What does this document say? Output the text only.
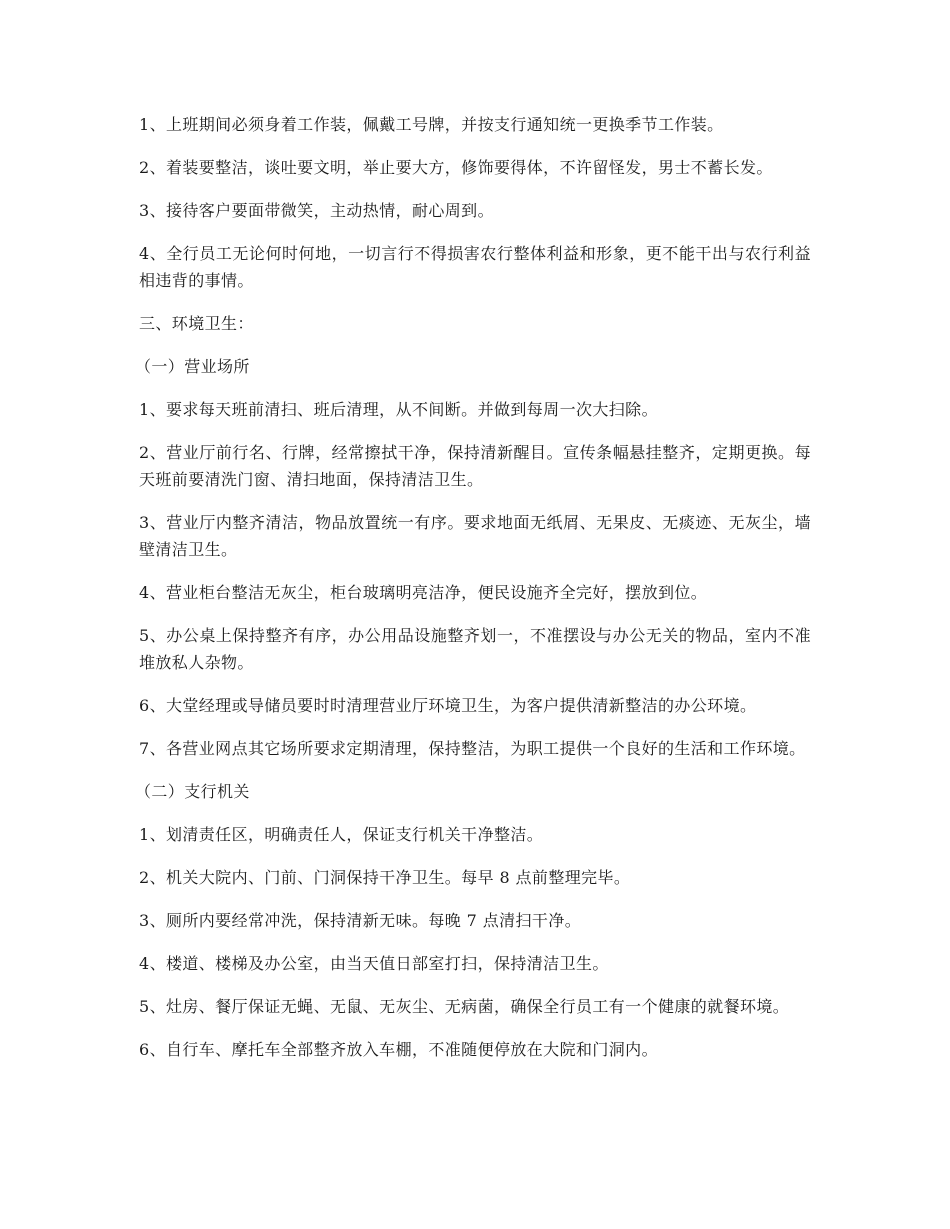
1、上班期间必须身着工作装，佩戴工号牌，并按支行通知统一更换季节工作装。

2、着装要整洁，谈吐要文明，举止要大方，修饰要得体，不许留怪发，男士不蓄长发。

3、接待客户要面带微笑，主动热情，耐心周到。

4、全行员工无论何时何地，一切言行不得损害农行整体利益和形象，更不能干出与农行利益相违背的事情。

三、环境卫生：

（一）营业场所

1、要求每天班前清扫、班后清理，从不间断。并做到每周一次大扫除。

2、营业厅前行名、行牌，经常擦拭干净，保持清新醒目。宣传条幅悬挂整齐，定期更换。每天班前要清洗门窗、清扫地面，保持清洁卫生。

3、营业厅内整齐清洁，物品放置统一有序。要求地面无纸屑、无果皮、无痰迹、无灰尘，墙壁清洁卫生。

4、营业柜台整洁无灰尘，柜台玻璃明亮洁净，便民设施齐全完好，摆放到位。

5、办公桌上保持整齐有序，办公用品设施整齐划一，不准摆设与办公无关的物品，室内不准堆放私人杂物。

6、大堂经理或导储员要时时清理营业厅环境卫生，为客户提供清新整洁的办公环境。

7、各营业网点其它场所要求定期清理，保持整洁，为职工提供一个良好的生活和工作环境。

（二）支行机关

1、划清责任区，明确责任人，保证支行机关干净整洁。

2、机关大院内、门前、门洞保持干净卫生。每早 8 点前整理完毕。

3、厕所内要经常冲洗，保持清新无味。每晚 7 点清扫干净。

4、楼道、楼梯及办公室，由当天值日部室打扫，保持清洁卫生。

5、灶房、餐厅保证无蝇、无鼠、无灰尘、无病菌，确保全行员工有一个健康的就餐环境。

6、自行车、摩托车全部整齐放入车棚，不准随便停放在大院和门洞内。
